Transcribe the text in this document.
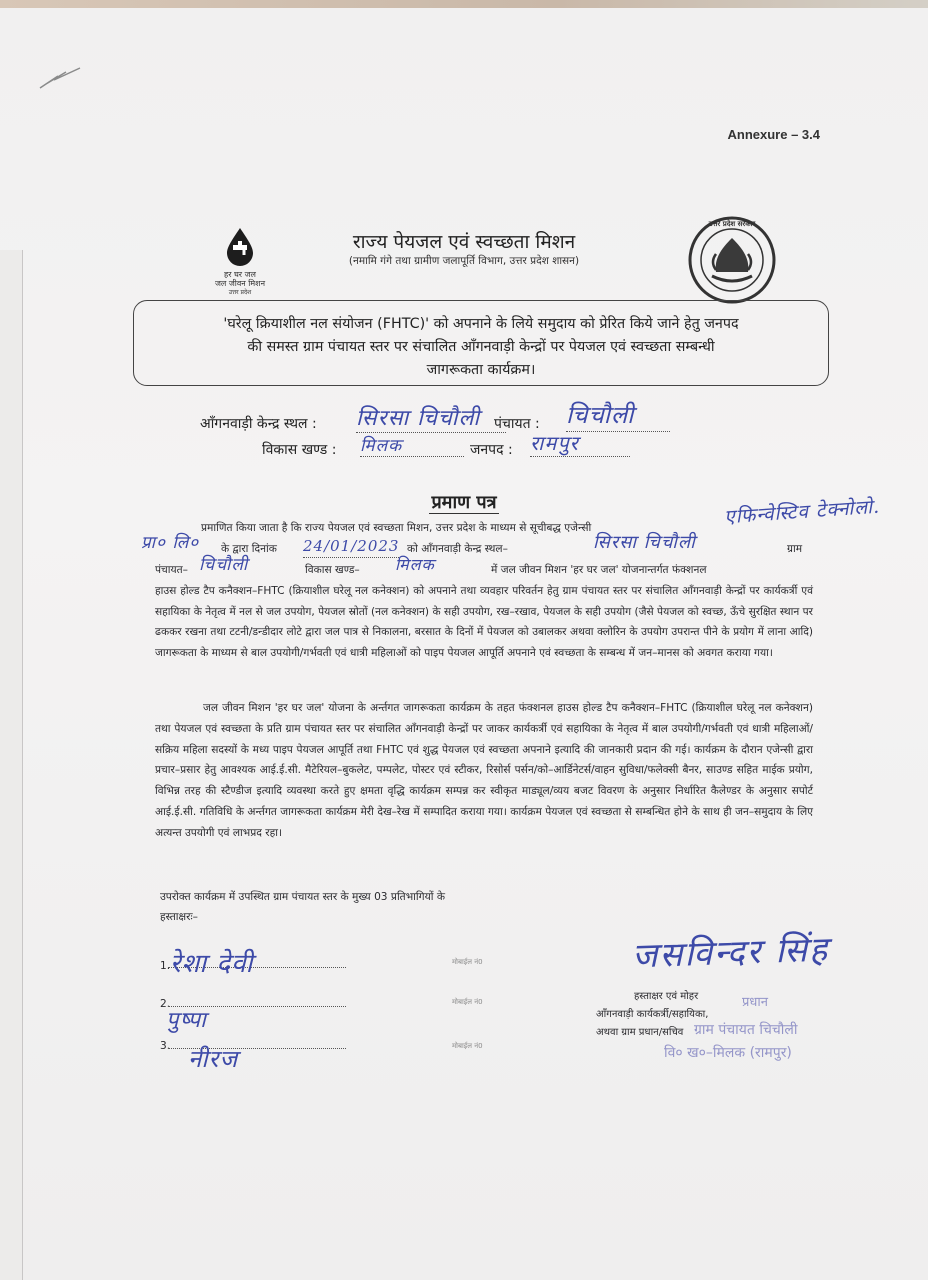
Annexure – 3.4
हर घर जल
जल जीवन मिशन
उत्तर प्रदेश
उत्तर प्रदेश सरकार
राज्य पेयजल एवं स्वच्छता मिशन
(नमामि गंगे तथा ग्रामीण जलापूर्ति विभाग, उत्तर प्रदेश शासन)
'घरेलू क्रियाशील नल संयोजन (FHTC)' को अपनाने के लिये समुदाय को प्रेरित किये जाने हेतु जनपद
की समस्त ग्राम पंचायत स्तर पर संचालित आँगनवाड़ी केन्द्रों पर पेयजल एवं स्वच्छता सम्बन्धी
जागरूकता कार्यक्रम।
आँगनवाड़ी केन्द्र स्थल : सिरसा चिचौली पंचायत : चिचौली
विकास खण्ड : मिलक	जनपद : रामपुर
प्रमाण पत्र	एफिन्वेस्टिव टेक्नोलो.
प्रमाणित किया जाता है कि राज्य पेयजल एवं स्वच्छता मिशन, उत्तर प्रदेश के माध्यम से सूचीबद्ध एजेन्सी
प्रा० लि० के द्वारा दिनांक 24/01/2023 को आँगनवाड़ी केन्द्र स्थल–	सिरसा चिचौली	ग्राम
पंचायत– चिचौली	विकास खण्ड– मिलक	में जल जीवन मिशन 'हर घर जल' योजनान्तर्गत फंक्शनल
हाउस होल्ड टैप कनैक्शन–FHTC (क्रियाशील घरेलू नल कनेक्शन) को अपनाने तथा व्यवहार परिवर्तन हेतु ग्राम पंचायत स्तर पर संचालित आँगनवाड़ी केन्द्रों पर कार्यकर्त्री एवं सहायिका के नेतृत्व में नल से जल उपयोग, पेयजल स्रोतों (नल कनेक्शन) के सही उपयोग, रख–रखाव, पेयजल के सही उपयोग (जैसे पेयजल को स्वच्छ, ऊँचे सुरक्षित स्थान पर ढककर रखना तथा टटनी/डन्डीदार लोटे द्वारा जल पात्र से निकालना, बरसात के दिनों में पेयजल को उबालकर अथवा क्लोरिन के उपयोग उपरान्त पीने के प्रयोग में लाना आदि) जागरूकता के माध्यम से बाल उपयोगी/गर्भवती एवं धात्री महिलाओं को पाइप पेयजल आपूर्ति अपनाने एवं स्वच्छता के सम्बन्ध में जन–मानस को अवगत कराया गया।

जल जीवन मिशन 'हर घर जल' योजना के अर्न्तगत जागरूकता कार्यक्रम के तहत फंक्शनल हाउस होल्ड टैप कनैक्शन–FHTC (क्रियाशील घरेलू नल कनेक्शन) तथा पेयजल एवं स्वच्छता के प्रति ग्राम पंचायत स्तर पर संचालित आँगनवाड़ी केन्द्रों पर जाकर कार्यकर्त्री एवं सहायिका के नेतृत्व में बाल उपयोगी/गर्भवती एवं धात्री महिलाओं/सक्रिय महिला सदस्यों के मध्य पाइप पेयजल आपूर्ति तथा FHTC एवं शुद्ध पेयजल एवं स्वच्छता अपनाने इत्यादि की जानकारी प्रदान की गई। कार्यक्रम के दौरान एजेन्सी द्वारा प्रचार–प्रसार हेतु आवश्यक आई.ई.सी. मैटेरियल–बुकलेट, पम्पलेट, पोस्टर एवं स्टीकर, रिसोर्स पर्सन/को–आर्डिनेटर्स/वाहन सुविधा/फलेक्सी बैनर, साउण्ड सहित माईक प्रयोग, विभिन्न तरह की स्टैण्डीज इत्यादि व्यवस्था करते हुए क्षमता वृद्धि कार्यक्रम सम्पन्न कर स्वीकृत माड्यूल/व्यय बजट विवरण के अनुसार निर्धारित कैलेण्डर के अनुसार सपोर्ट आई.ई.सी. गतिविधि के अर्न्तगत जागरूकता कार्यक्रम मेरी देख–रेख में सम्पादित कराया गया। कार्यक्रम पेयजल एवं स्वच्छता से सम्बन्धित होने के साथ ही जन–समुदाय के लिए अत्यन्त उपयोगी एवं लाभप्रद रहा।

उपरोक्त कार्यक्रम में उपस्थित ग्राम पंचायत स्तर के मुख्य 03 प्रतिभागियों के
हस्ताक्षरः–
1. रेशा देवी	मोबाईल नं0
2.
पुष्पा
मोबाईल नं0
3. नीरज	मोबाईल नं0
जसविन्दर सिंह
हस्ताक्षर एवं मोहर
आँगनवाड़ी कार्यकर्त्री/सहायिका,
अथवा ग्राम प्रधान/सचिव
प्रधान
ग्राम पंचायत चिचौली
वि० ख०–मिलक (रामपुर)
